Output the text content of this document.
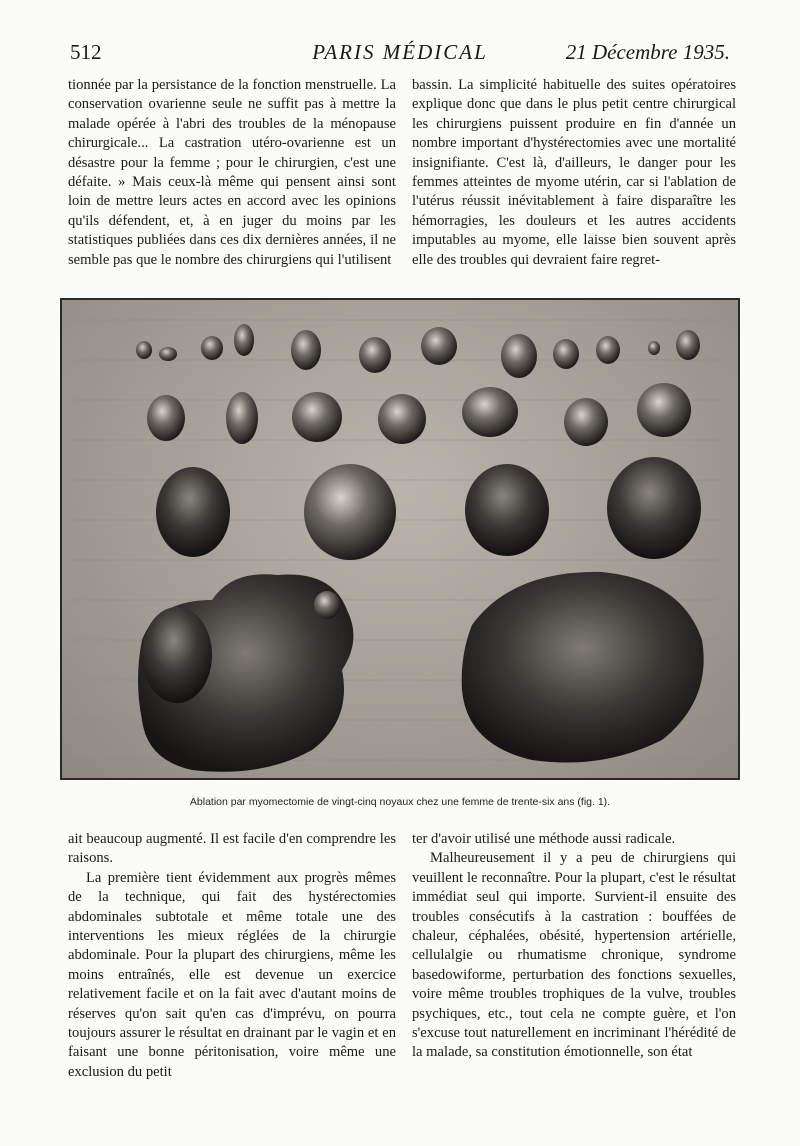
512	PARIS MÉDICAL	21 Décembre 1935.

tionnée par la persistance de la fonction menstruelle. La conservation ovarienne seule ne suffit pas à mettre la malade opérée à l'abri des troubles de la ménopause chirurgicale... La castration utéro-ovarienne est un désastre pour la femme ; pour le chirurgien, c'est une défaite. » Mais ceux-là même qui pensent ainsi sont loin de mettre leurs actes en accord avec les opinions qu'ils défendent, et, à en juger du moins par les statistiques publiées dans ces dix dernières années, il ne semble pas que le nombre des chirurgiens qui l'utilisent

bassin. La simplicité habituelle des suites opératoires explique donc que dans le plus petit centre chirurgical les chirurgiens puissent produire en fin d'année un nombre important d'hystérectomies avec une mortalité insignifiante. C'est là, d'ailleurs, le danger pour les femmes atteintes de myome utérin, car si l'ablation de l'utérus réussit inévitablement à faire disparaître les hémorragies, les douleurs et les autres accidents imputables au myome, elle laisse bien souvent après elle des troubles qui devraient faire regret-

Ablation par myomectomie de vingt-cinq noyaux chez une femme de trente-six ans (fig. 1).

ait beaucoup augmenté. Il est facile d'en comprendre les raisons.

La première tient évidemment aux progrès mêmes de la technique, qui fait des hystérectomies abdominales subtotale et même totale une des interventions les mieux réglées de la chirurgie abdominale. Pour la plupart des chirurgiens, même les moins entraînés, elle est devenue un exercice relativement facile et on la fait avec d'autant moins de réserves qu'on sait qu'en cas d'imprévu, on pourra toujours assurer le résultat en drainant par le vagin et en faisant une bonne péritonisation, voire même une exclusion du petit

ter d'avoir utilisé une méthode aussi radicale.

Malheureusement il y a peu de chirurgiens qui veuillent le reconnaître. Pour la plupart, c'est le résultat immédiat seul qui importe. Survient-il ensuite des troubles consécutifs à la castration : bouffées de chaleur, céphalées, obésité, hypertension artérielle, cellulalgie ou rhumatisme chronique, syndrome basedowiforme, perturbation des fonctions sexuelles, voire même troubles trophiques de la vulve, troubles psychiques, etc., tout cela ne compte guère, et l'on s'excuse tout naturellement en incriminant l'hérédité de la malade, sa constitution émotionnelle, son état
